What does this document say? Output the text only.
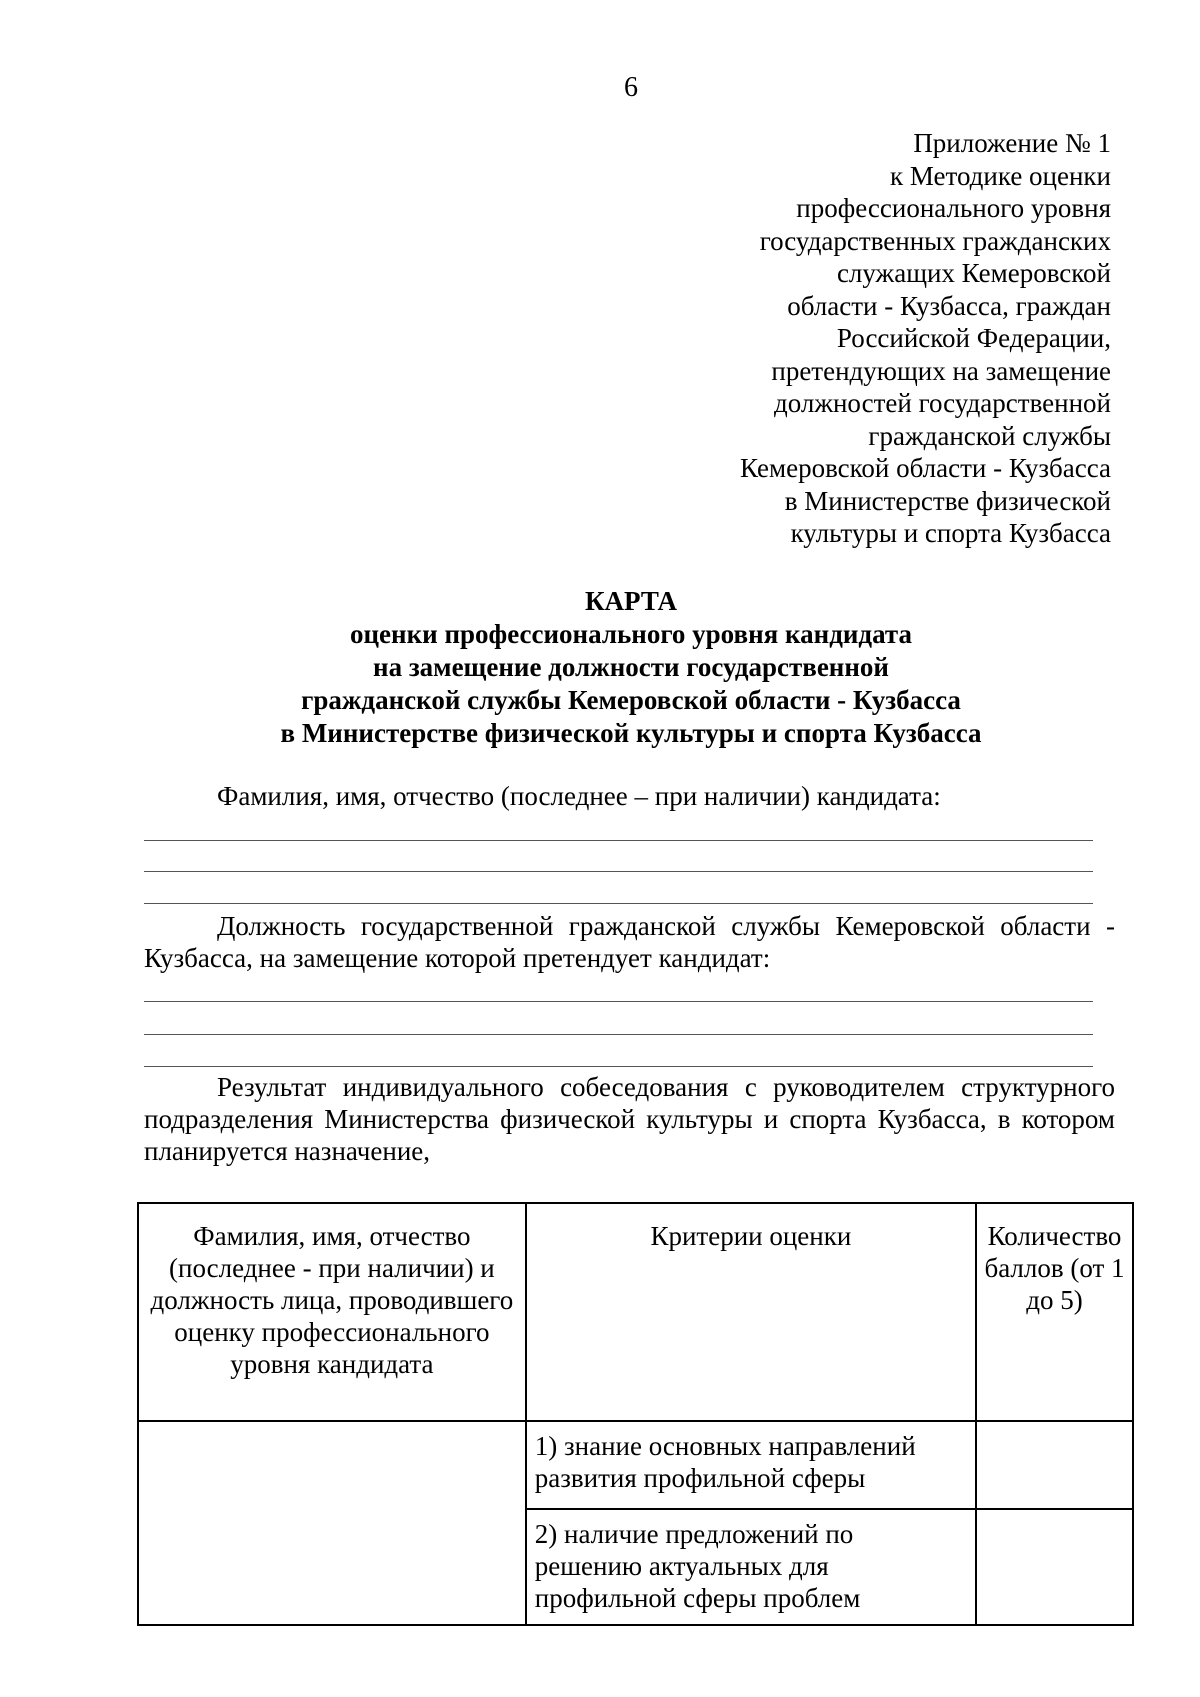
6
Приложение № 1
к Методике оценки
профессионального уровня
государственных гражданских
служащих Кемеровской
области - Кузбасса, граждан
Российской Федерации,
претендующих на замещение
должностей государственной
гражданской службы
Кемеровской области - Кузбасса
в Министерстве физической
культуры и спорта Кузбасса
КАРТА
оценки профессионального уровня кандидата
на замещение должности государственной
гражданской службы Кемеровской области - Кузбасса
в Министерстве физической культуры и спорта Кузбасса
Фамилия, имя, отчество (последнее – при наличии) кандидата:
Должность государственной гражданской службы Кемеровской области - Кузбасса, на замещение которой претендует кандидат:
Результат индивидуального собеседования с руководителем структурного подразделения Министерства физической культуры и спорта Кузбасса, в котором планируется назначение,
Фамилия, имя, отчество (последнее - при наличии) и должность лица, проводившего оценку профессионального уровня кандидата	Критерии оценки	Количество баллов (от 1 до 5)
	1) знание основных направлений развития профильной сферы	
	2) наличие предложений по решению актуальных для профильной сферы проблем	
